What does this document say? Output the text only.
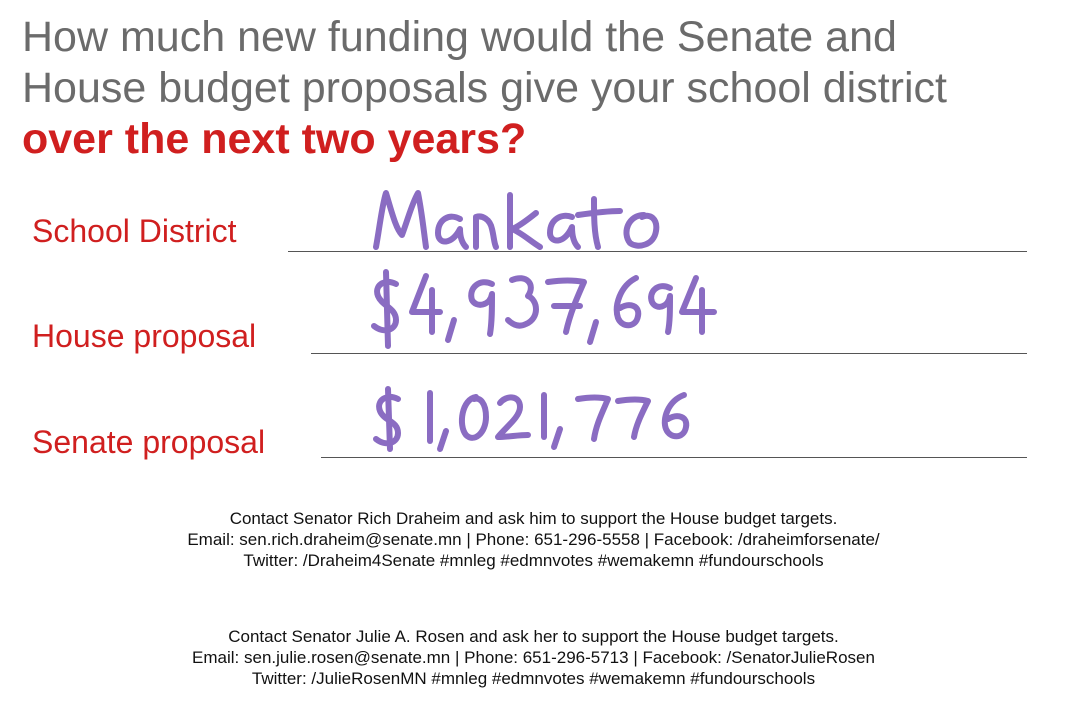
How much new funding would the Senate and House budget proposals give your school district over the next two years?
School District
House proposal
Senate proposal
Contact Senator Rich Draheim and ask him to support the House budget targets.
Email: sen.rich.draheim@senate.mn | Phone: 651-296-5558 | Facebook: /draheimforsenate/
Twitter: /Draheim4Senate #mnleg #edmnvotes #wemakemn #fundourschools
Contact Senator Julie A. Rosen and ask her to support the House budget targets.
Email: sen.julie.rosen@senate.mn | Phone: 651-296-5713 | Facebook: /SenatorJulieRosen
Twitter: /JulieRosenMN #mnleg #edmnvotes #wemakemn #fundourschools
